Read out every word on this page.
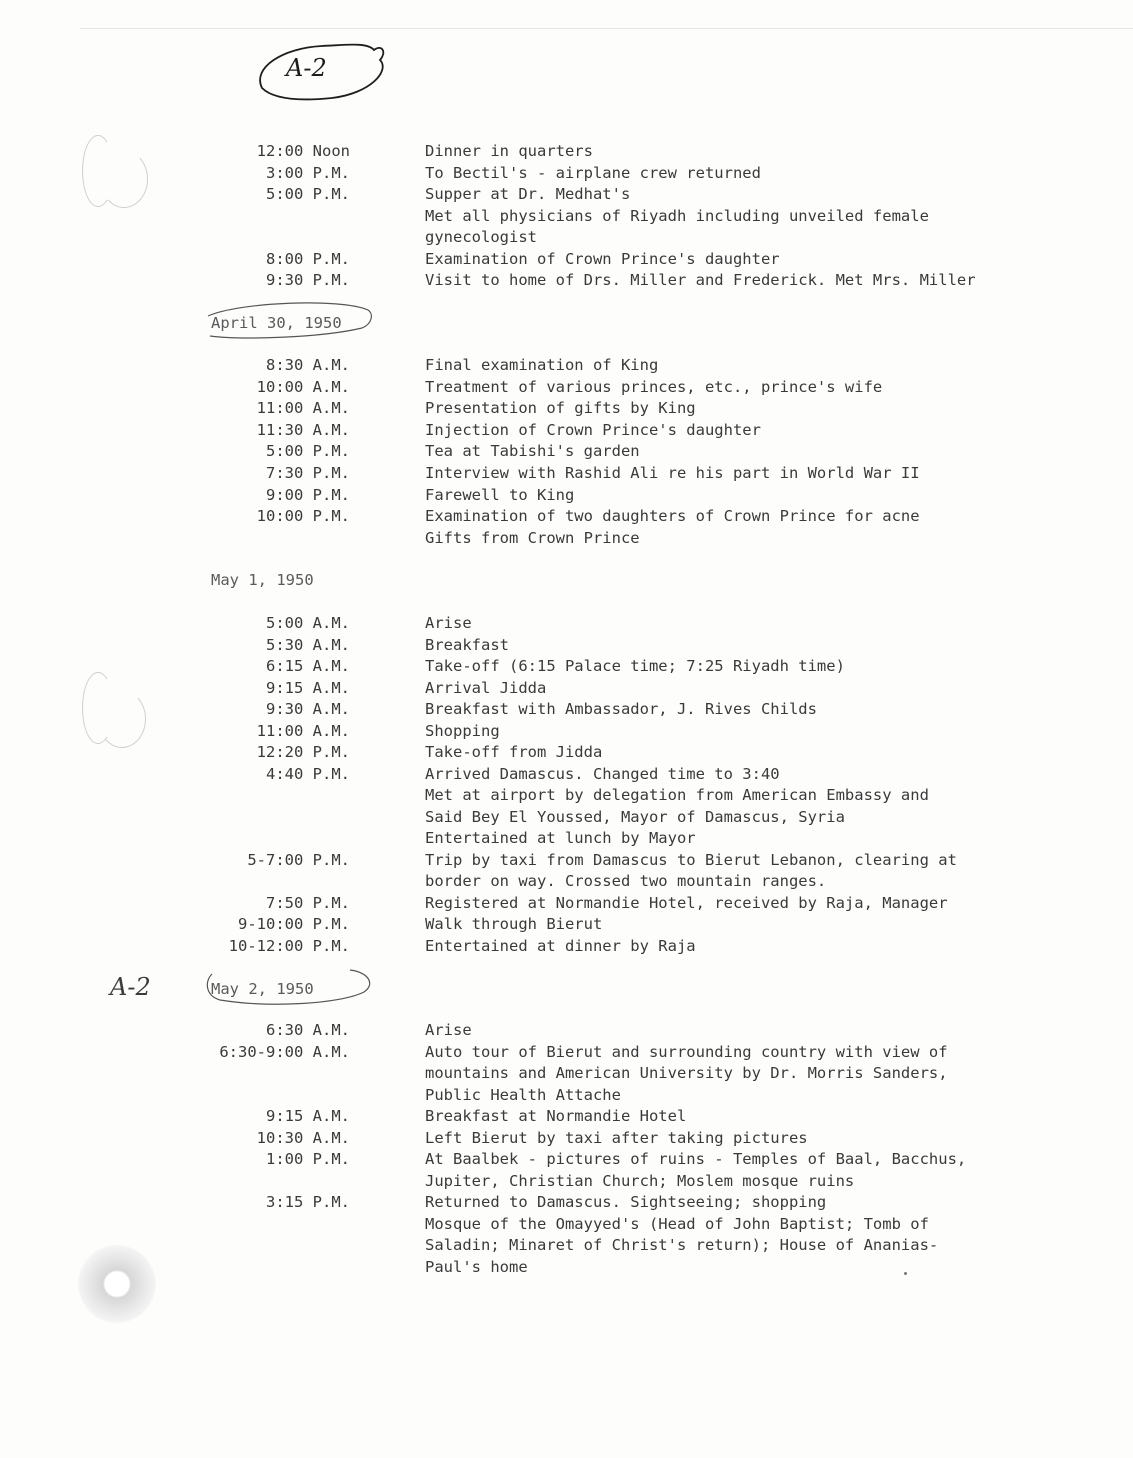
A-2
A-2
12:00 Noon	Dinner in quarters
3:00 P.M.	To Bectil's - airplane crew returned
5:00 P.M.	Supper at Dr. Medhat's
Met all physicians of Riyadh including unveiled female
gynecologist
8:00 P.M.	Examination of Crown Prince's daughter
9:30 P.M.	Visit to home of Drs. Miller and Frederick. Met Mrs. Miller
April 30, 1950
8:30 A.M.	Final examination of King
10:00 A.M.	Treatment of various princes, etc., prince's wife
11:00 A.M.	Presentation of gifts by King
11:30 A.M.	Injection of Crown Prince's daughter
5:00 P.M.	Tea at Tabishi's garden
7:30 P.M.	Interview with Rashid Ali re his part in World War II
9:00 P.M.	Farewell to King
10:00 P.M.	Examination of two daughters of Crown Prince for acne
Gifts from Crown Prince
May 1, 1950
5:00 A.M.	Arise
5:30 A.M.	Breakfast
6:15 A.M.	Take-off (6:15 Palace time; 7:25 Riyadh time)
9:15 A.M.	Arrival Jidda
9:30 A.M.	Breakfast with Ambassador, J. Rives Childs
11:00 A.M.	Shopping
12:20 P.M.	Take-off from Jidda
4:40 P.M.	Arrived Damascus. Changed time to 3:40
Met at airport by delegation from American Embassy and
Said Bey El Youssed, Mayor of Damascus, Syria
Entertained at lunch by Mayor
5-7:00 P.M.	Trip by taxi from Damascus to Bierut Lebanon, clearing at
border on way. Crossed two mountain ranges.
7:50 P.M.	Registered at Normandie Hotel, received by Raja, Manager
9-10:00 P.M.	Walk through Bierut
10-12:00 P.M.	Entertained at dinner by Raja
May 2, 1950
6:30 A.M.	Arise
6:30-9:00 A.M.	Auto tour of Bierut and surrounding country with view of
mountains and American University by Dr. Morris Sanders,
Public Health Attache
9:15 A.M.	Breakfast at Normandie Hotel
10:30 A.M.	Left Bierut by taxi after taking pictures
1:00 P.M.	At Baalbek - pictures of ruins - Temples of Baal, Bacchus,
Jupiter, Christian Church; Moslem mosque ruins
3:15 P.M.	Returned to Damascus. Sightseeing; shopping
Mosque of the Omayyed's (Head of John Baptist; Tomb of
Saladin; Minaret of Christ's return); House of Ananias-
Paul's home
